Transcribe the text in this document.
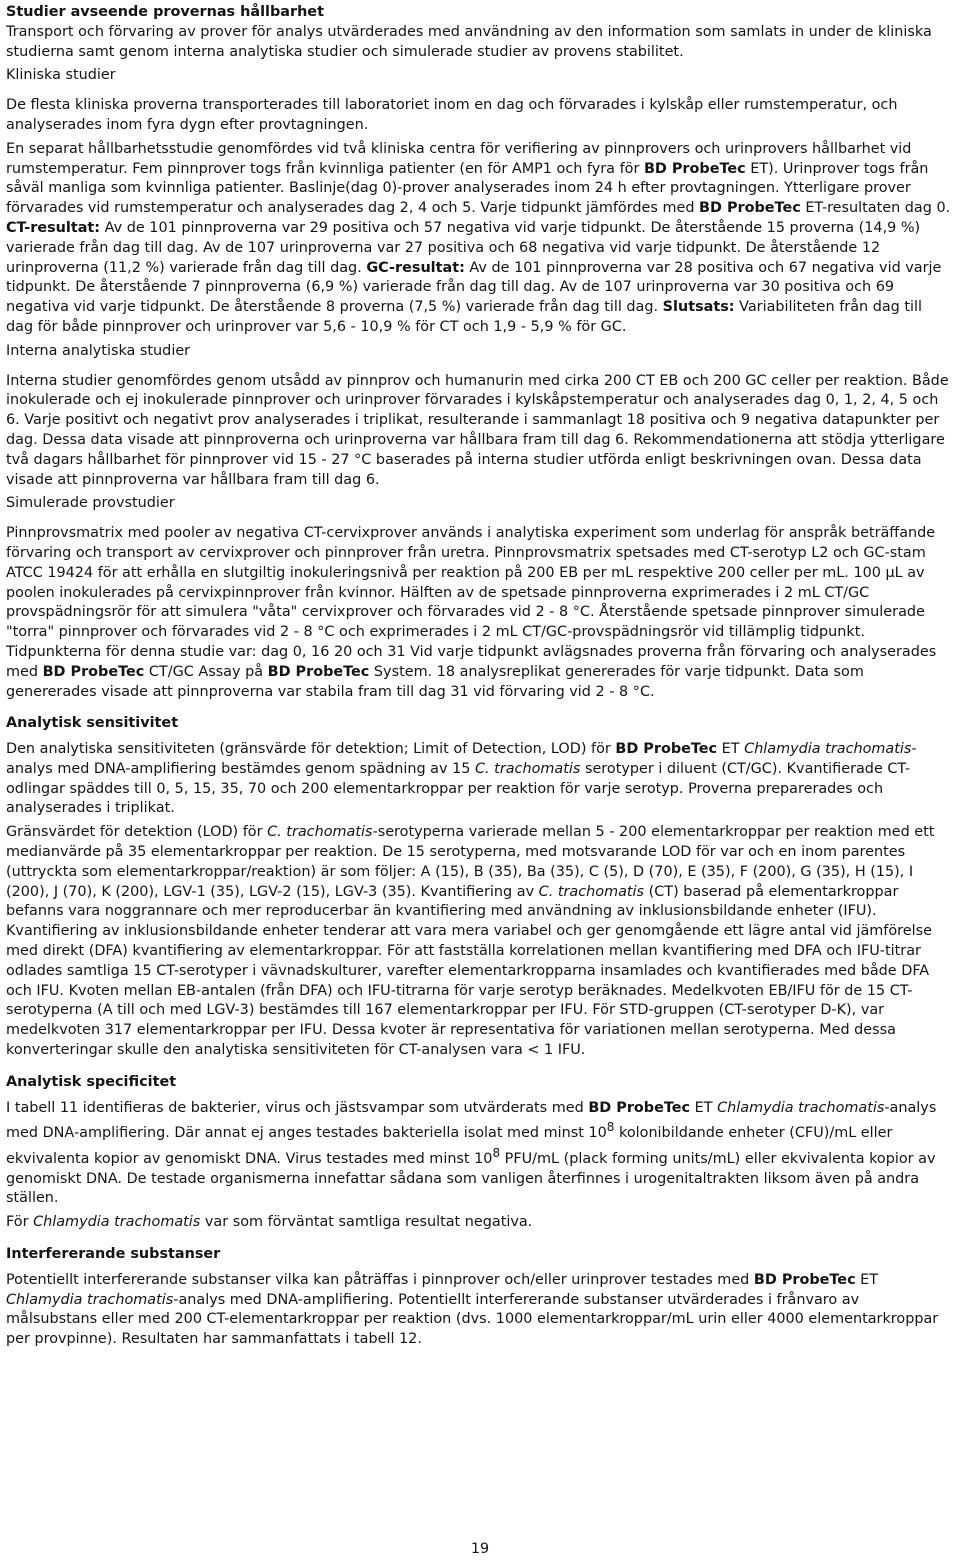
Studier avseende provernas hållbarhet

Transport och förvaring av prover för analys utvärderades med användning av den information som samlats in under de kliniska studierna samt genom interna analytiska studier och simulerade studier av provens stabilitet.

Kliniska studier

De flesta kliniska proverna transporterades till laboratoriet inom en dag och förvarades i kylskåp eller rumstemperatur, och analyserades inom fyra dygn efter provtagningen.

En separat hållbarhetsstudie genomfördes vid två kliniska centra för verifiering av pinnprovers och urinprovers hållbarhet vid rumstemperatur. Fem pinnprover togs från kvinnliga patienter (en för AMP1 och fyra för BD ProbeTec ET). Urinprover togs från såväl manliga som kvinnliga patienter. Baslinje(dag 0)-prover analyserades inom 24 h efter provtagningen. Ytterligare prover förvarades vid rumstemperatur och analyserades dag 2, 4 och 5. Varje tidpunkt jämfördes med BD ProbeTec ET-resultaten dag 0. CT-resultat: Av de 101 pinnproverna var 29 positiva och 57 negativa vid varje tidpunkt. De återstående 15 proverna (14,9 %) varierade från dag till dag. Av de 107 urinproverna var 27 positiva och 68 negativa vid varje tidpunkt. De återstående 12 urinproverna (11,2 %) varierade från dag till dag. GC-resultat: Av de 101 pinnproverna var 28 positiva och 67 negativa vid varje tidpunkt. De återstående 7 pinnproverna (6,9 %) varierade från dag till dag. Av de 107 urinproverna var 30 positiva och 69 negativa vid varje tidpunkt. De återstående 8 proverna (7,5 %) varierade från dag till dag. Slutsats: Variabiliteten från dag till dag för både pinnprover och urinprover var 5,6 - 10,9 % för CT och 1,9 - 5,9 % för GC.

Interna analytiska studier

Interna studier genomfördes genom utsådd av pinnprov och humanurin med cirka 200 CT EB och 200 GC celler per reaktion. Både inokulerade och ej inokulerade pinnprover och urinprover förvarades i kylskåpstemperatur och analyserades dag 0, 1, 2, 4, 5 och 6. Varje positivt och negativt prov analyserades i triplikat, resulterande i sammanlagt 18 positiva och 9 negativa datapunkter per dag. Dessa data visade att pinnproverna och urinproverna var hållbara fram till dag 6. Rekommendationerna att stödja ytterligare två dagars hållbarhet för pinnprover vid 15 - 27 °C baserades på interna studier utförda enligt beskrivningen ovan. Dessa data visade att pinnproverna var hållbara fram till dag 6.

Simulerade provstudier

Pinnprovsmatrix med pooler av negativa CT-cervixprover används i analytiska experiment som underlag för anspråk beträffande förvaring och transport av cervixprover och pinnprover från uretra. Pinnprovsmatrix spetsades med CT-serotyp L2 och GC-stam ATCC 19424 för att erhålla en slutgiltig inokuleringsnivå per reaktion på 200 EB per mL respektive 200 celler per mL. 100 µL av poolen inokulerades på cervixpinnprover från kvinnor. Hälften av de spetsade pinnproverna exprimerades i 2 mL CT/GC provspädningsrör för att simulera "våta" cervixprover och förvarades vid 2 - 8 °C. Återstående spetsade pinnprover simulerade "torra" pinnprover och förvarades vid 2 - 8 °C och exprimerades i 2 mL CT/GC-provspädningsrör vid tillämplig tidpunkt. Tidpunkterna för denna studie var: dag 0, 16 20 och 31 Vid varje tidpunkt avlägsnades proverna från förvaring och analyserades med BD ProbeTec CT/GC Assay på BD ProbeTec System. 18 analysreplikat genererades för varje tidpunkt. Data som genererades visade att pinnproverna var stabila fram till dag 31 vid förvaring vid 2 - 8 °C.

Analytisk sensitivitet

Den analytiska sensitiviteten (gränsvärde för detektion; Limit of Detection, LOD) för BD ProbeTec ET Chlamydia trachomatis-analys med DNA-amplifiering bestämdes genom spädning av 15 C. trachomatis serotyper i diluent (CT/GC). Kvantifierade CT-odlingar späddes till 0, 5, 15, 35, 70 och 200 elementarkroppar per reaktion för varje serotyp. Proverna preparerades och analyserades i triplikat.

Gränsvärdet för detektion (LOD) för C. trachomatis-serotyperna varierade mellan 5 - 200 elementarkroppar per reaktion med ett medianvärde på 35 elementarkroppar per reaktion. De 15 serotyperna, med motsvarande LOD för var och en inom parentes (uttryckta som elementarkroppar/reaktion) är som följer: A (15), B (35), Ba (35), C (5), D (70), E (35), F (200), G (35), H (15), I (200), J (70), K (200), LGV-1 (35), LGV-2 (15), LGV-3 (35). Kvantifiering av C. trachomatis (CT) baserad på elementarkroppar befanns vara noggrannare och mer reproducerbar än kvantifiering med användning av inklusionsbildande enheter (IFU). Kvantifiering av inklusionsbildande enheter tenderar att vara mera variabel och ger genomgående ett lägre antal vid jämförelse med direkt (DFA) kvantifiering av elementarkroppar. För att fastställa korrelationen mellan kvantifiering med DFA och IFU-titrar odlades samtliga 15 CT-serotyper i vävnadskulturer, varefter elementarkropparna insamlades och kvantifierades med både DFA och IFU. Kvoten mellan EB-antalen (från DFA) och IFU-titrarna för varje serotyp beräknades. Medelkvoten EB/IFU för de 15 CT-serotyperna (A till och med LGV-3) bestämdes till 167 elementarkroppar per IFU. För STD-gruppen (CT-serotyper D-K), var medelkvoten 317 elementarkroppar per IFU. Dessa kvoter är representativa för variationen mellan serotyperna. Med dessa konverteringar skulle den analytiska sensitiviteten för CT-analysen vara < 1 IFU.

Analytisk specificitet

I tabell 11 identifieras de bakterier, virus och jästsvampar som utvärderats med BD ProbeTec ET Chlamydia trachomatis-analys med DNA-amplifiering. Där annat ej anges testades bakteriella isolat med minst $10^8$ kolonibildande enheter (CFU)/mL eller ekvivalenta kopior av genomiskt DNA. Virus testades med minst $10^8$ PFU/mL (plack forming units/mL) eller ekvivalenta kopior av genomiskt DNA. De testade organismerna innefattar sådana som vanligen återfinnes i urogenitaltrakten liksom även på andra ställen.

För Chlamydia trachomatis var som förväntat samtliga resultat negativa.

Interfererande substanser

Potentiellt interfererande substanser vilka kan påträffas i pinnprover och/eller urinprover testades med BD ProbeTec ET Chlamydia trachomatis-analys med DNA-amplifiering. Potentiellt interfererande substanser utvärderades i frånvaro av målsubstans eller med 200 CT-elementarkroppar per reaktion (dvs. 1000 elementarkroppar/mL urin eller 4000 elementarkroppar per provpinne). Resultaten har sammanfattats i tabell 12.

19
